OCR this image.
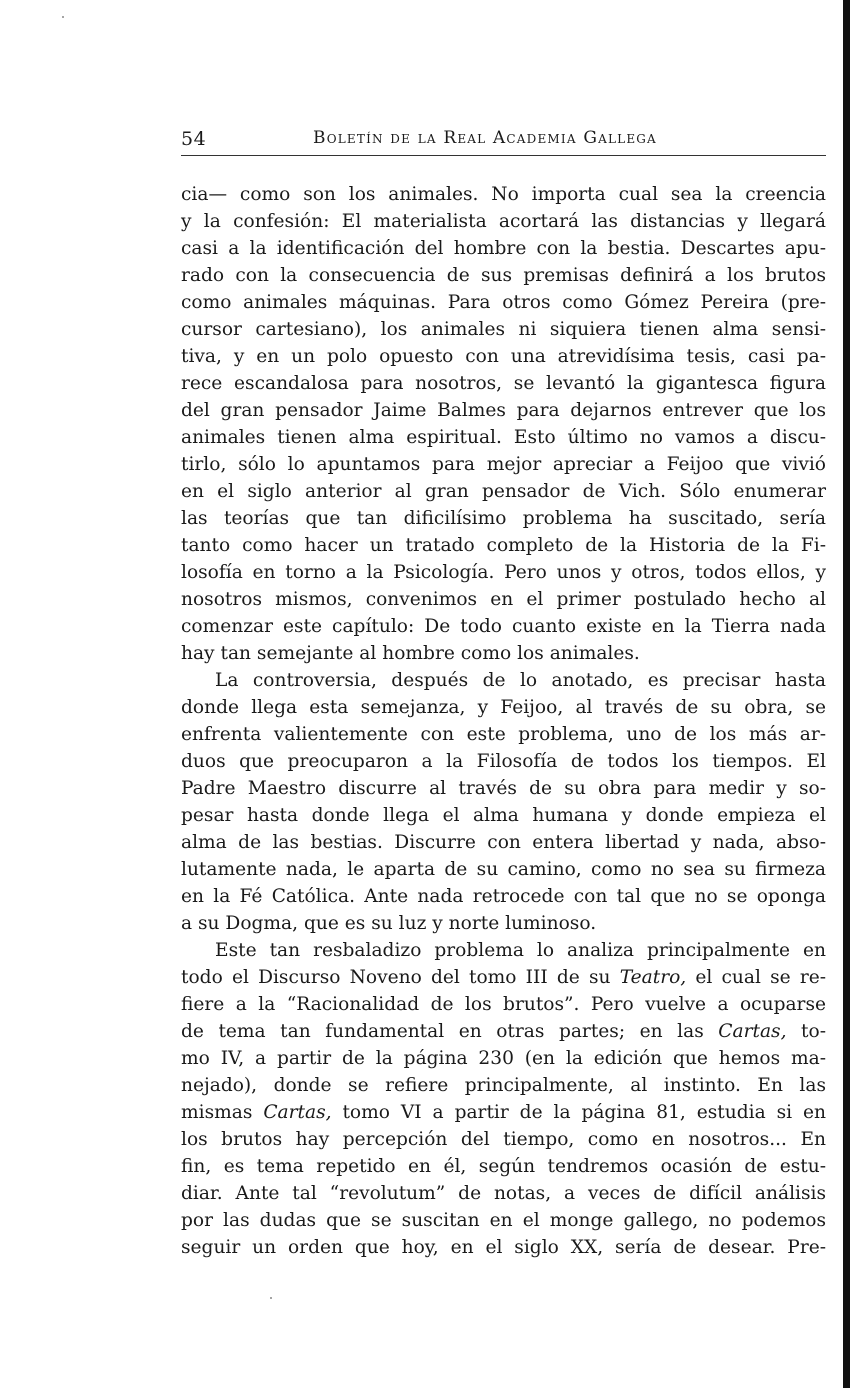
54	Boletín de la Real Academia Gallega
cia— como son los animales. No importa cual sea la creencia
y la confesión: El materialista acortará las distancias y llegará
casi a la identificación del hombre con la bestia. Descartes apu-
rado con la consecuencia de sus premisas definirá a los brutos
como animales máquinas. Para otros como Gómez Pereira (pre-
cursor cartesiano), los animales ni siquiera tienen alma sensi-
tiva, y en un polo opuesto con una atrevidísima tesis, casi pa-
rece escandalosa para nosotros, se levantó la gigantesca figura
del gran pensador Jaime Balmes para dejarnos entrever que los
animales tienen alma espiritual. Esto último no vamos a discu-
tirlo, sólo lo apuntamos para mejor apreciar a Feijoo que vivió
en el siglo anterior al gran pensador de Vich. Sólo enumerar
las teorías que tan dificilísimo problema ha suscitado, sería
tanto como hacer un tratado completo de la Historia de la Fi-
losofía en torno a la Psicología. Pero unos y otros, todos ellos, y
nosotros mismos, convenimos en el primer postulado hecho al
comenzar este capítulo: De todo cuanto existe en la Tierra nada
hay tan semejante al hombre como los animales.
La controversia, después de lo anotado, es precisar hasta
donde llega esta semejanza, y Feijoo, al través de su obra, se
enfrenta valientemente con este problema, uno de los más ar-
duos que preocuparon a la Filosofía de todos los tiempos. El
Padre Maestro discurre al través de su obra para medir y so-
pesar hasta donde llega el alma humana y donde empieza el
alma de las bestias. Discurre con entera libertad y nada, abso-
lutamente nada, le aparta de su camino, como no sea su firmeza
en la Fé Católica. Ante nada retrocede con tal que no se oponga
a su Dogma, que es su luz y norte luminoso.
Este tan resbaladizo problema lo analiza principalmente en
todo el Discurso Noveno del tomo III de su Teatro, el cual se re-
fiere a la “Racionalidad de los brutos”. Pero vuelve a ocuparse
de tema tan fundamental en otras partes; en las Cartas, to-
mo IV, a partir de la página 230 (en la edición que hemos ma-
nejado), donde se refiere principalmente, al instinto. En las
mismas Cartas, tomo VI a partir de la página 81, estudia si en
los brutos hay percepción del tiempo, como en nosotros... En
fin, es tema repetido en él, según tendremos ocasión de estu-
diar. Ante tal “revolutum” de notas, a veces de difícil análisis
por las dudas que se suscitan en el monge gallego, no podemos
seguir un orden que hoy, en el siglo XX, sería de desear. Pre-
